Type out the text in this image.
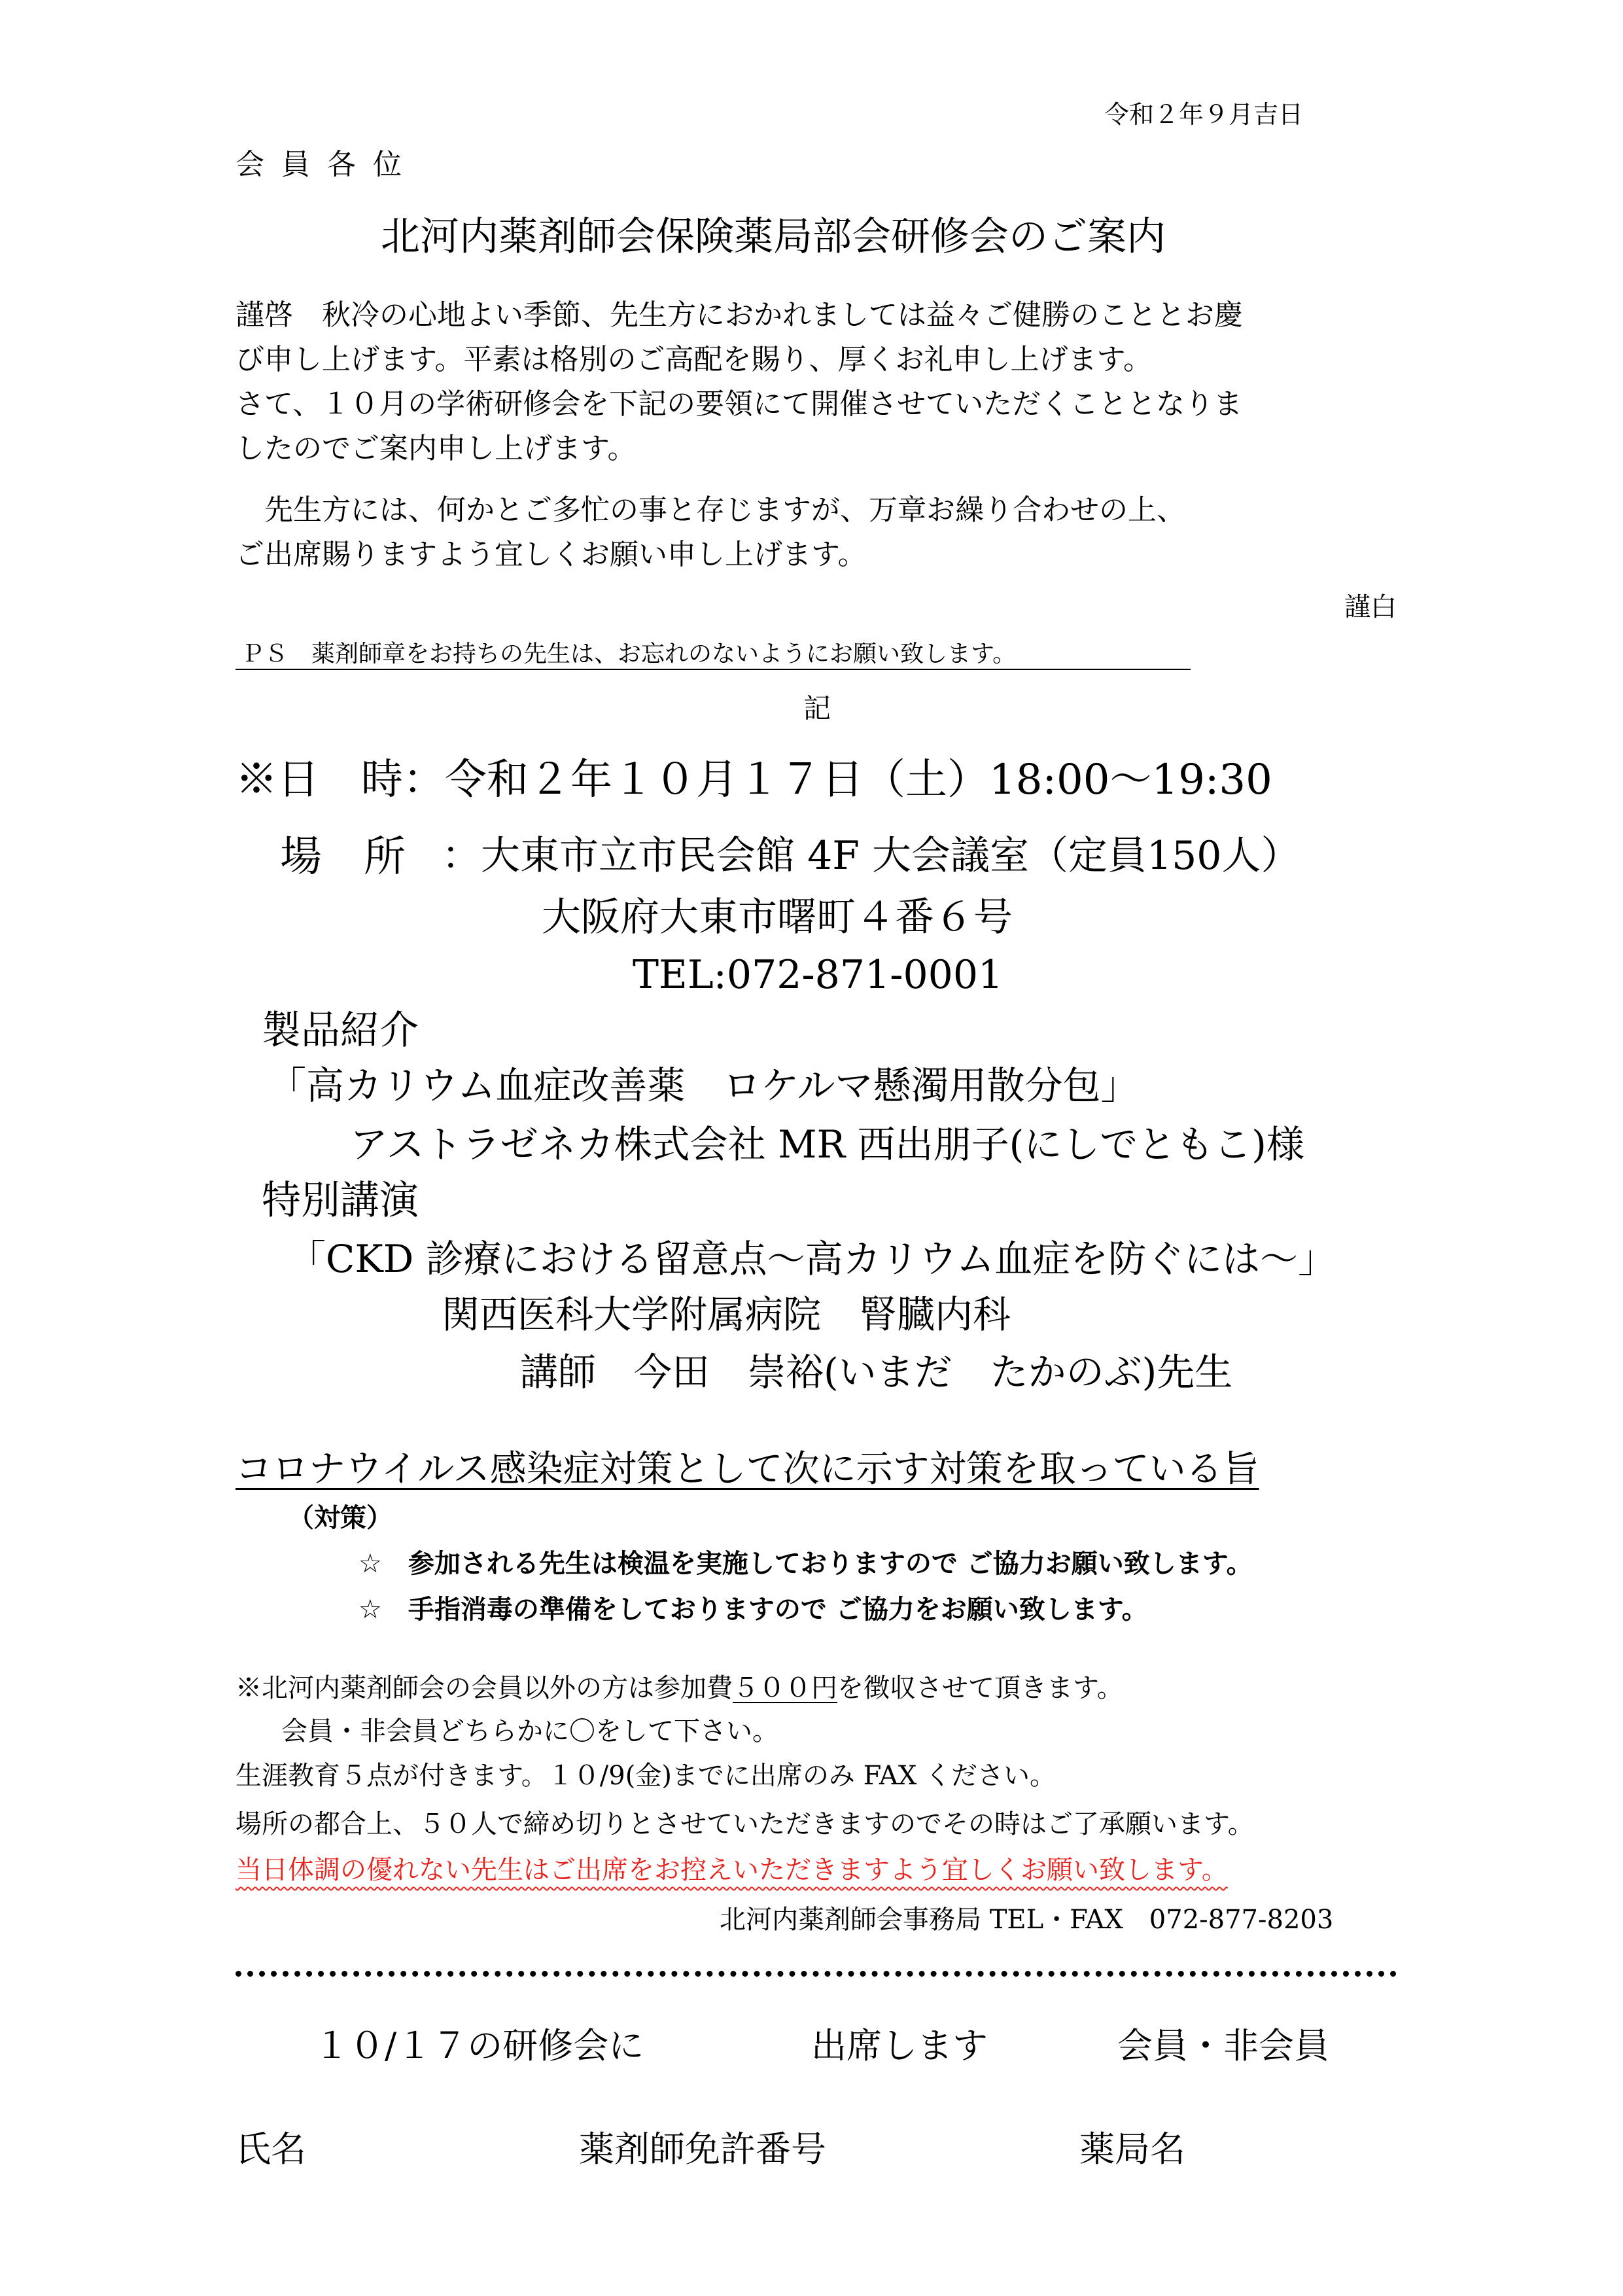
令和２年９月吉日
会 員 各 位
北河内薬剤師会保険薬局部会研修会のご案内
謹啓　秋冷の心地よい季節、先生方におかれましては益々ご健勝のこととお慶
び申し上げます。平素は格別のご高配を賜り、厚くお礼申し上げます。
さて、１０月の学術研修会を下記の要領にて開催させていただくこととなりま
したのでご案内申し上げます。
　先生方には、何かとご多忙の事と存じますが、万章お繰り合わせの上、
ご出席賜りますよう宜しくお願い申し上げます。
謹白
ＰＳ　薬剤師章をお持ちの先生は、お忘れのないようにお願い致します。
記
※日　時：令和２年１０月１７日（土）18:00～19:30
場　所 ：大東市立市民会館 4F 大会議室（定員150人）
大阪府大東市曙町４番６号
TEL:072-871-0001
製品紹介
「高カリウム血症改善薬　ロケルマ懸濁用散分包」
アストラゼネカ株式会社 MR 西出朋子(にしでともこ)様
特別講演
「CKD 診療における留意点～高カリウム血症を防ぐには～」
関西医科大学附属病院　腎臓内科
講師　今田　崇裕(いまだ　たかのぶ)先生
コロナウイルス感染症対策として次に示す対策を取っている旨
（対策）
☆　参加される先生は検温を実施しておりますので ご協力お願い致します。
☆　手指消毒の準備をしておりますので ご協力をお願い致します。
※北河内薬剤師会の会員以外の方は参加費５００円を徴収させて頂きます。
会員・非会員どちらかに〇をして下さい。
生涯教育５点が付きます。１０/9(金)までに出席のみ FAX ください。
場所の都合上、５０人で締め切りとさせていただきますのでその時はご了承願います。
当日体調の優れない先生はご出席をお控えいただきますよう宜しくお願い致します。
北河内薬剤師会事務局 TEL・FAX　072-877-8203
１０/１７の研修会に	出席します	会員・非会員
氏名	薬剤師免許番号	薬局名
